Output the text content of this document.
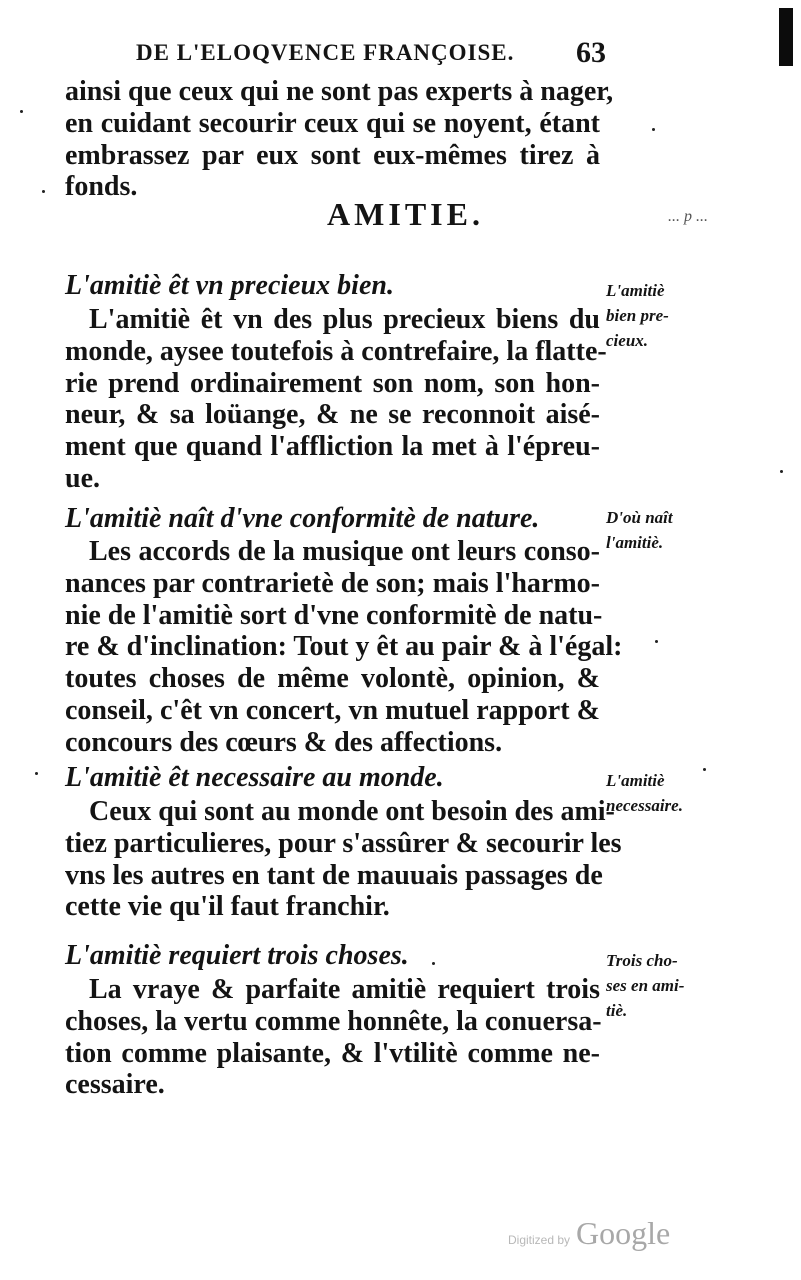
DE L'ELOQVENCE FRANÇOISE. 63
ainsi que ceux qui ne sont pas experts à nager,
en cuidant secourir ceux qui se noyent, étant
embrassez par eux sont eux-mêmes tirez à
fonds.
AMITIE.	... p ...
L'amitiè êt vn precieux bien.
L'amitiè êt vn des plus precieux biens du
monde, aysee toutefois à contrefaire, la flatte-
rie prend ordinairement son nom, son hon-
neur, & sa loüange, & ne se reconnoit aisé-
ment que quand l'affliction la met à l'épreu-
ue.
L'amitiè
bien pre-
cieux.
L'amitiè naît d'vne conformitè de nature.
Les accords de la musique ont leurs conso-
nances par contrarietè de son; mais l'harmo-
nie de l'amitiè sort d'vne conformitè de natu-
re & d'inclination: Tout y êt au pair & à l'égal:
toutes choses de même volontè, opinion, &
conseil, c'êt vn concert, vn mutuel rapport &
concours des cœurs & des affections.
D'où naît
l'amitiè.
L'amitiè êt necessaire au monde.
Ceux qui sont au monde ont besoin des ami-
tiez particulieres, pour s'assûrer & secourir les
vns les autres en tant de mauuais passages de
cette vie qu'il faut franchir.
L'amitiè
necessaire.
L'amitiè requiert trois choses.
La vraye & parfaite amitiè requiert trois
choses, la vertu comme honnête, la conuersa-
tion comme plaisante, & l'vtilitè comme ne-
cessaire.
Trois cho-
ses en ami-
tiè.
Digitized by Google
